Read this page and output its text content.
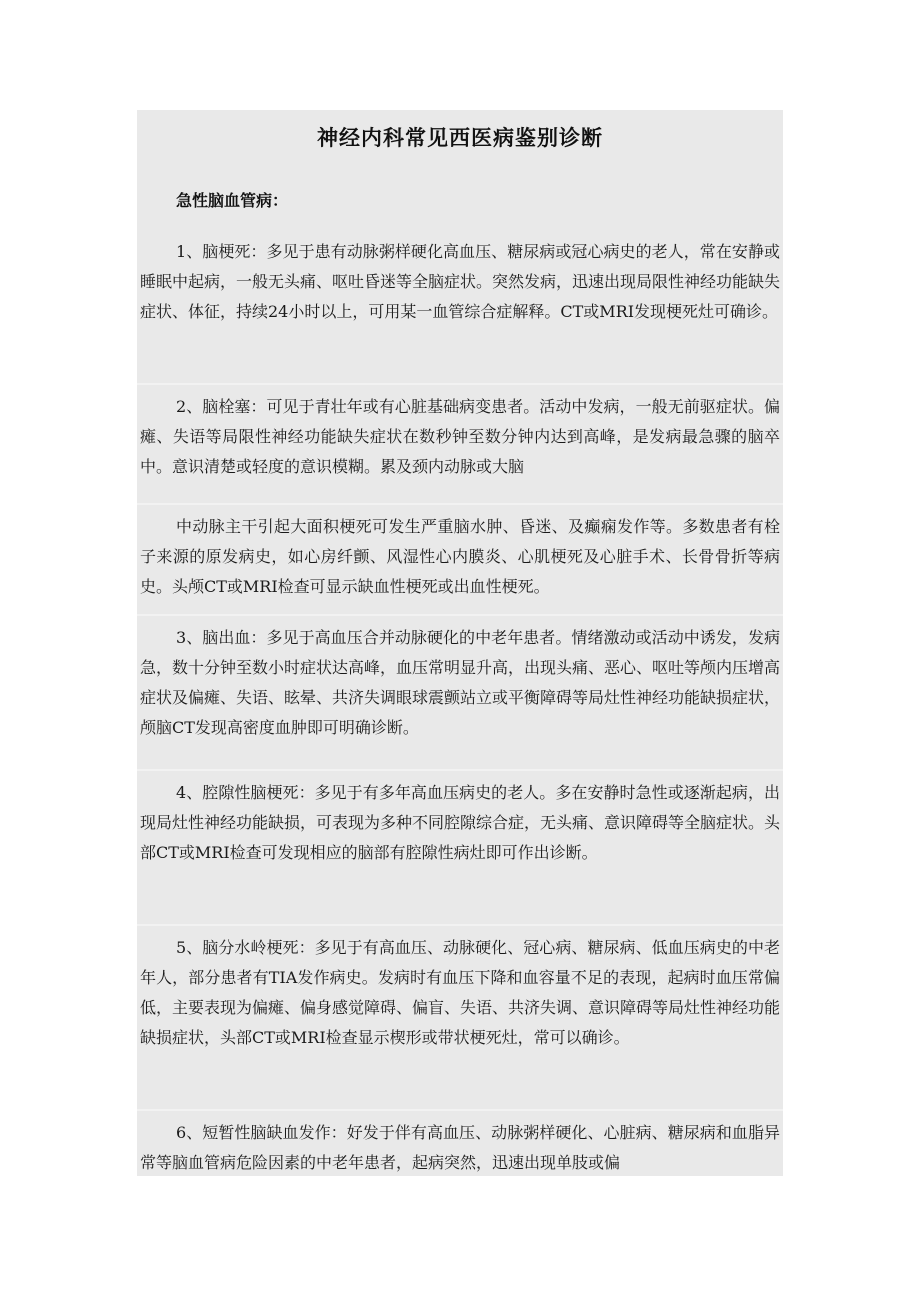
神经内科常见西医病鉴别诊断
急性脑血管病：

1、脑梗死：多见于患有动脉粥样硬化高血压、糖尿病或冠心病史的老人，常在安静或睡眠中起病，一般无头痛、呕吐昏迷等全脑症状。突然发病，迅速出现局限性神经功能缺失症状、体征，持续24小时以上，可用某一血管综合症解释。CT或MRI发现梗死灶可确诊。

2、脑栓塞：可见于青壮年或有心脏基础病变患者。活动中发病，一般无前驱症状。偏瘫、失语等局限性神经功能缺失症状在数秒钟至数分钟内达到高峰，是发病最急骤的脑卒中。意识清楚或轻度的意识模糊。累及颈内动脉或大脑

中动脉主干引起大面积梗死可发生严重脑水肿、昏迷、及癫痫发作等。多数患者有栓子来源的原发病史，如心房纤颤、风湿性心内膜炎、心肌梗死及心脏手术、长骨骨折等病史。头颅CT或MRI检查可显示缺血性梗死或出血性梗死。

3、脑出血：多见于高血压合并动脉硬化的中老年患者。情绪激动或活动中诱发，发病急，数十分钟至数小时症状达高峰，血压常明显升高，出现头痛、恶心、呕吐等颅内压增高症状及偏瘫、失语、眩晕、共济失调眼球震颤站立或平衡障碍等局灶性神经功能缺损症状，颅脑CT发现高密度血肿即可明确诊断。

4、腔隙性脑梗死：多见于有多年高血压病史的老人。多在安静时急性或逐渐起病，出现局灶性神经功能缺损，可表现为多种不同腔隙综合症，无头痛、意识障碍等全脑症状。头部CT或MRI检查可发现相应的脑部有腔隙性病灶即可作出诊断。

5、脑分水岭梗死：多见于有高血压、动脉硬化、冠心病、糖尿病、低血压病史的中老年人，部分患者有TIA发作病史。发病时有血压下降和血容量不足的表现，起病时血压常偏低，主要表现为偏瘫、偏身感觉障碍、偏盲、失语、共济失调、意识障碍等局灶性神经功能缺损症状，头部CT或MRI检查显示楔形或带状梗死灶，常可以确诊。

6、短暂性脑缺血发作：好发于伴有高血压、动脉粥样硬化、心脏病、糖尿病和血脂异常等脑血管病危险因素的中老年患者，起病突然，迅速出现单肢或偏
